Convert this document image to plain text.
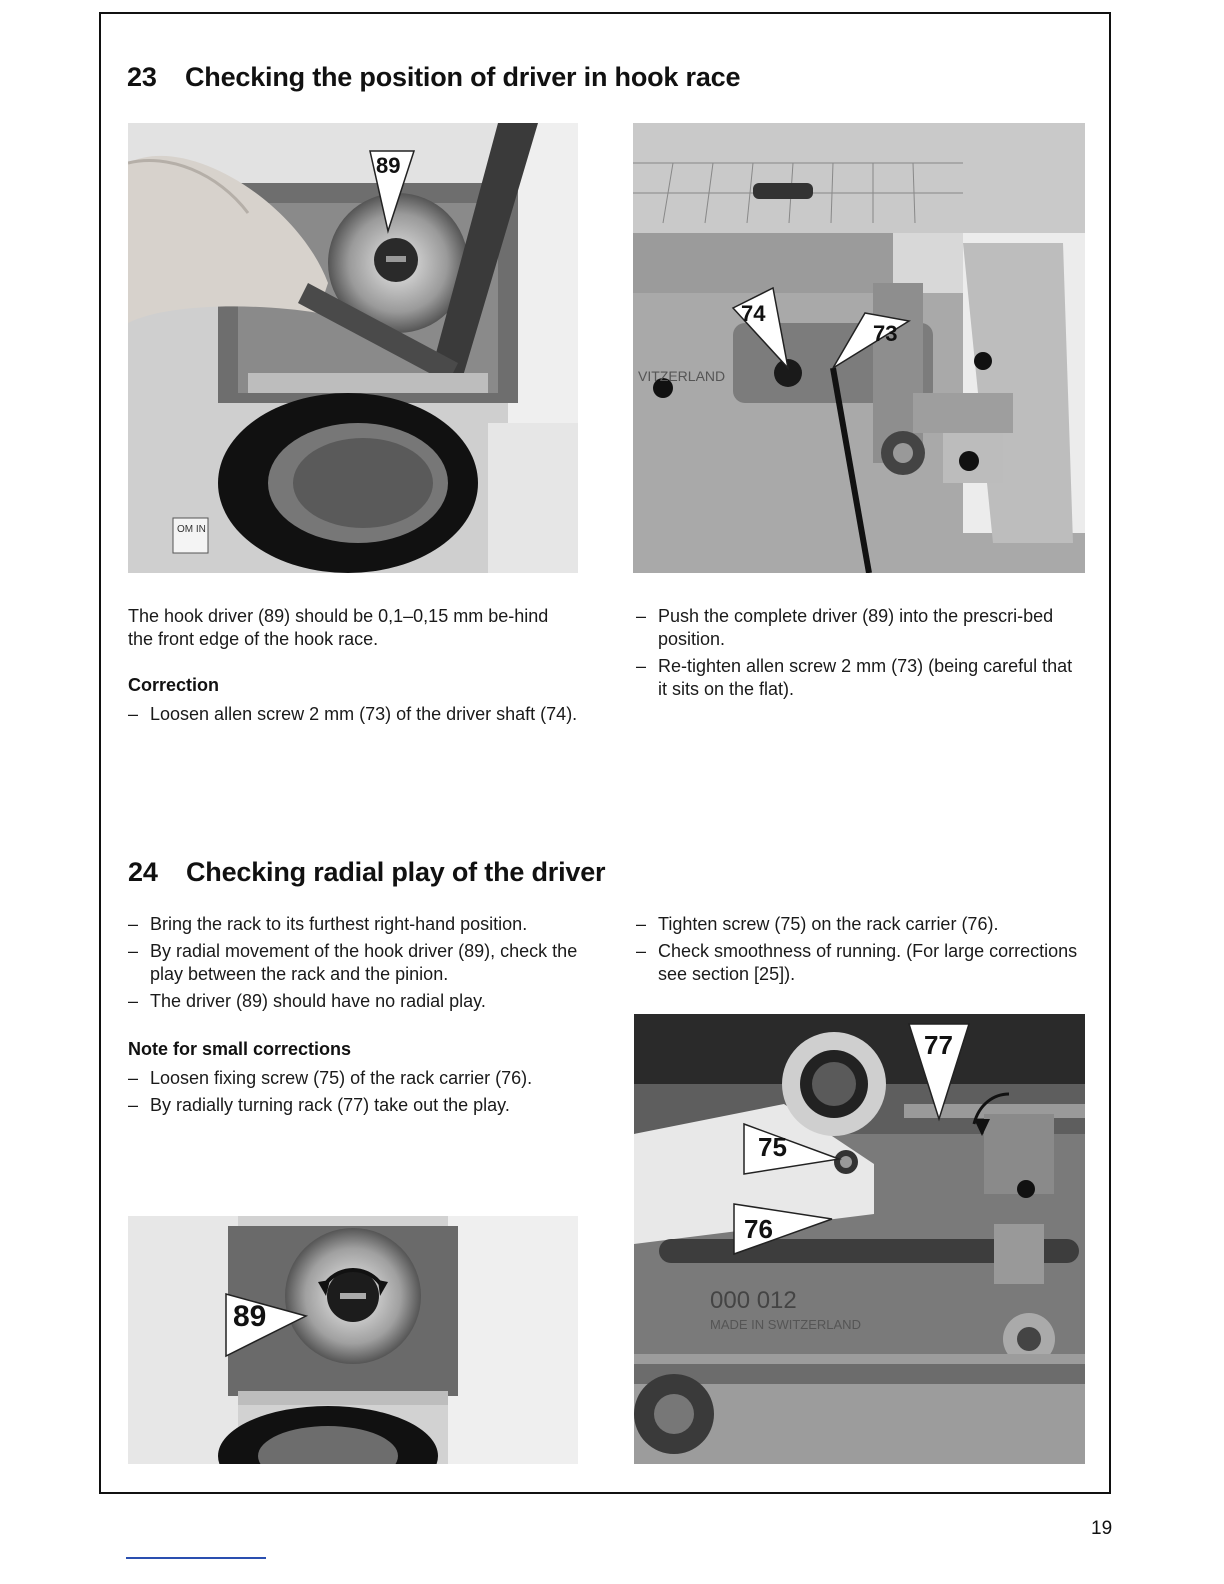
23 Checking the position of driver in hook race
OM IN
89
VITZERLAND
74
73

The hook driver (89) should be 0,1–0,15 mm be-hind the front edge of the hook race.

Correction

– Loosen allen screw 2 mm (73) of the driver shaft (74).
– Push the complete driver (89) into the prescri-bed position.
– Re-tighten allen screw 2 mm (73) (being careful that it sits on the flat).
24 Checking radial play of the driver
– Bring the rack to its furthest right-hand position.
– By radial movement of the hook driver (89), check the play between the rack and the pinion.
– The driver (89) should have no radial play.

Note for small corrections

– Loosen fixing screw (75) of the rack carrier (76).
– By radially turning rack (77) take out the play.
– Tighten screw (75) on the rack carrier (76).
– Check smoothness of running. (For large corrections see section [25]).
89	000 012
MADE IN SWITZERLAND
77
75
76
19
